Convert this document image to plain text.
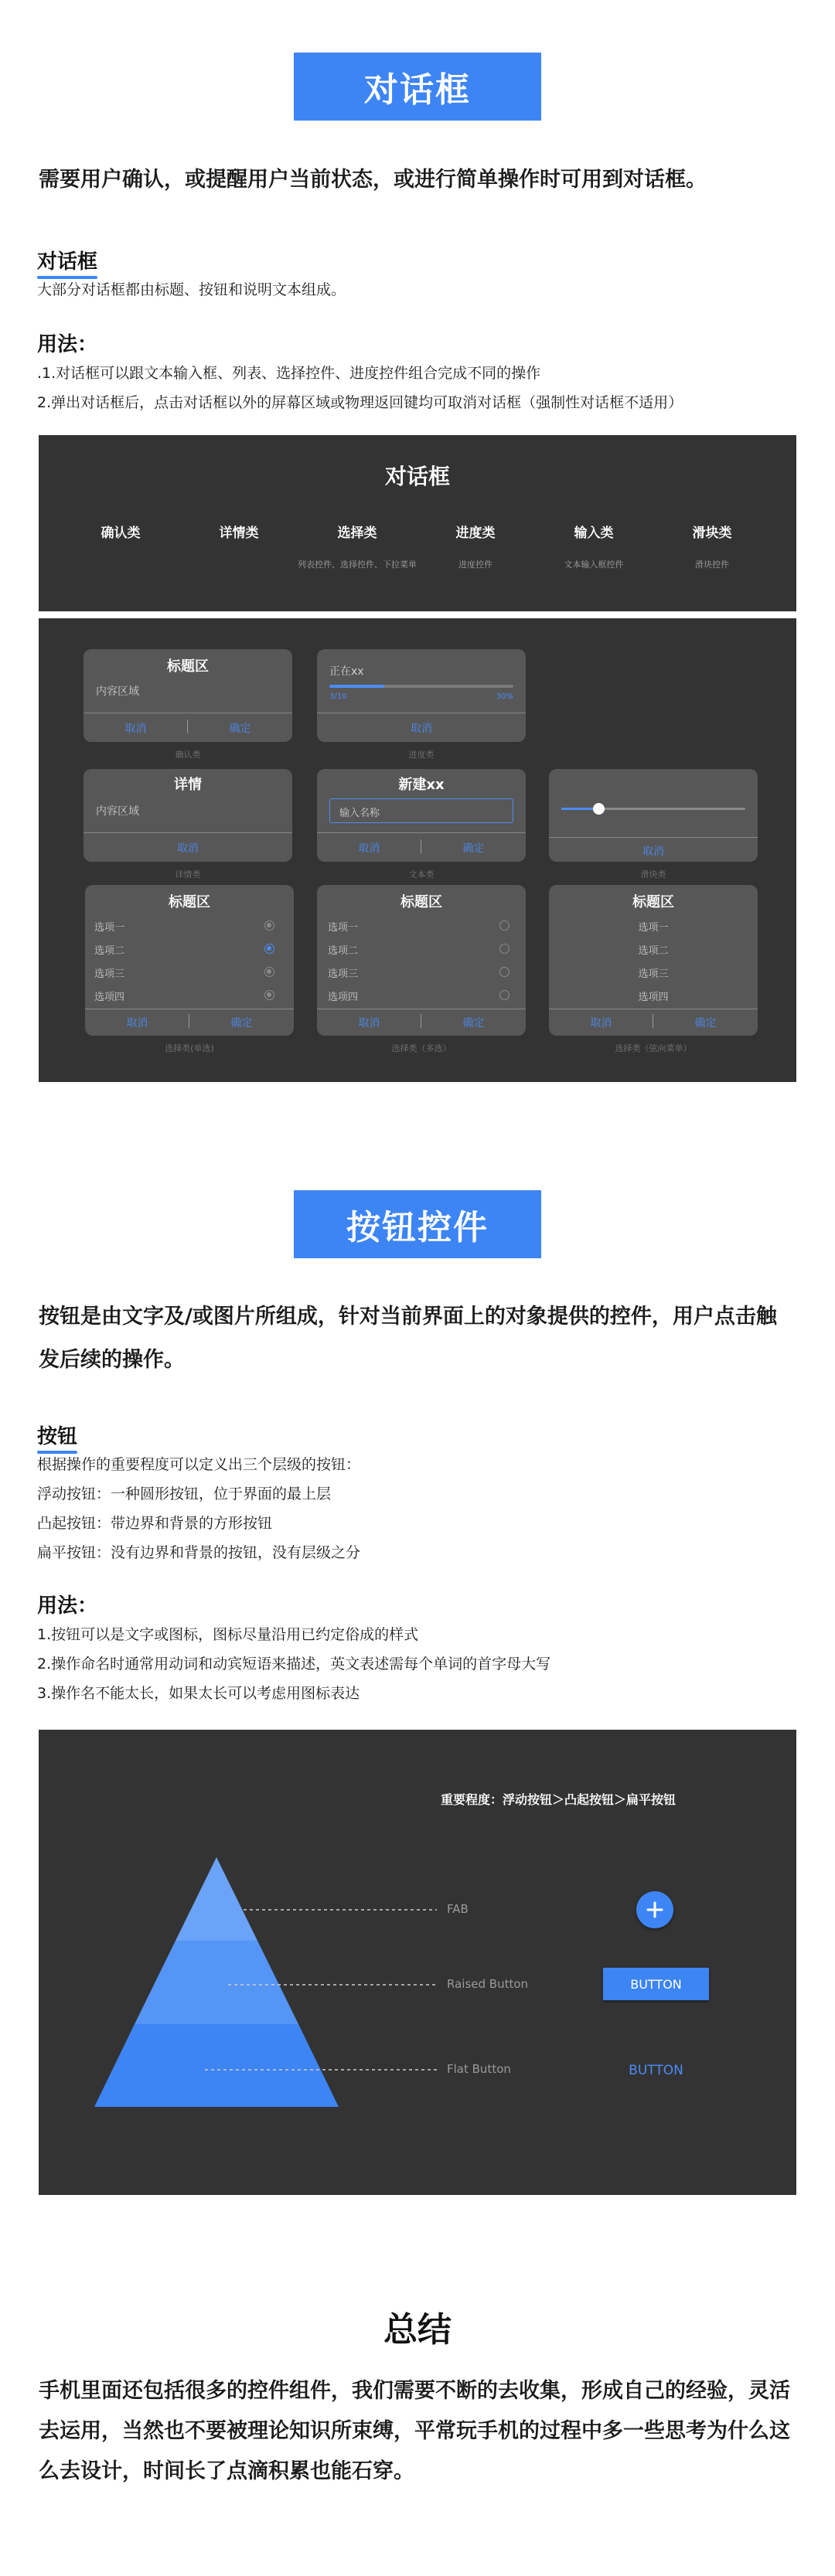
对话框
需要用户确认，或提醒用户当前状态，或进行简单操作时可用到对话框。
对话框
大部分对话框都由标题、按钮和说明文本组成。
用法：
.1.对话框可以跟文本输入框、列表、选择控件、进度控件组合完成不同的操作
2.弹出对话框后，点击对话框以外的屏幕区域或物理返回键均可取消对话框（强制性对话框不适用）
对话框
确认类	详情类	选择类
列表控件、选择控件、下拉菜单
进度类
进度控件
输入类
文本输入框控件
滑块类
滑块控件
标题区
内容区域
取消	确定
确认类
正在xx
3/10	30%
取消
进度类
详情
内容区域
取消
详情类
新建xx
输入名称
取消	确定
文本类
取消
滑块类
标题区
选项一
选项二
选项三
选项四
取消	确定
选择类(单选)
标题区
选项一
选项二
选项三
选项四
取消	确定
选择类（多选）
标题区
选项一
选项二
选项三
选项四
取消	确定
选择类（弦向菜单）
按钮控件
按钮是由文字及/或图片所组成，针对当前界面上的对象提供的控件，用户点击触发后续的操作。
按钮
根据操作的重要程度可以定义出三个层级的按钮：
浮动按钮：一种圆形按钮，位于界面的最上层
凸起按钮：带边界和背景的方形按钮
扁平按钮：没有边界和背景的按钮，没有层级之分
用法：
1.按钮可以是文字或图标，图标尽量沿用已约定俗成的样式
2.操作命名时通常用动词和动宾短语来描述，英文表述需每个单词的首字母大写
3.操作名不能太长，如果太长可以考虑用图标表达
重要程度：浮动按钮＞凸起按钮＞扁平按钮
FAB
Raised Button
Flat Button
BUTTON
BUTTON
总结
手机里面还包括很多的控件组件，我们需要不断的去收集，形成自己的经验，灵活去运用，当然也不要被理论知识所束缚，平常玩手机的过程中多一些思考为什么这么去设计，时间长了点滴积累也能石穿。
